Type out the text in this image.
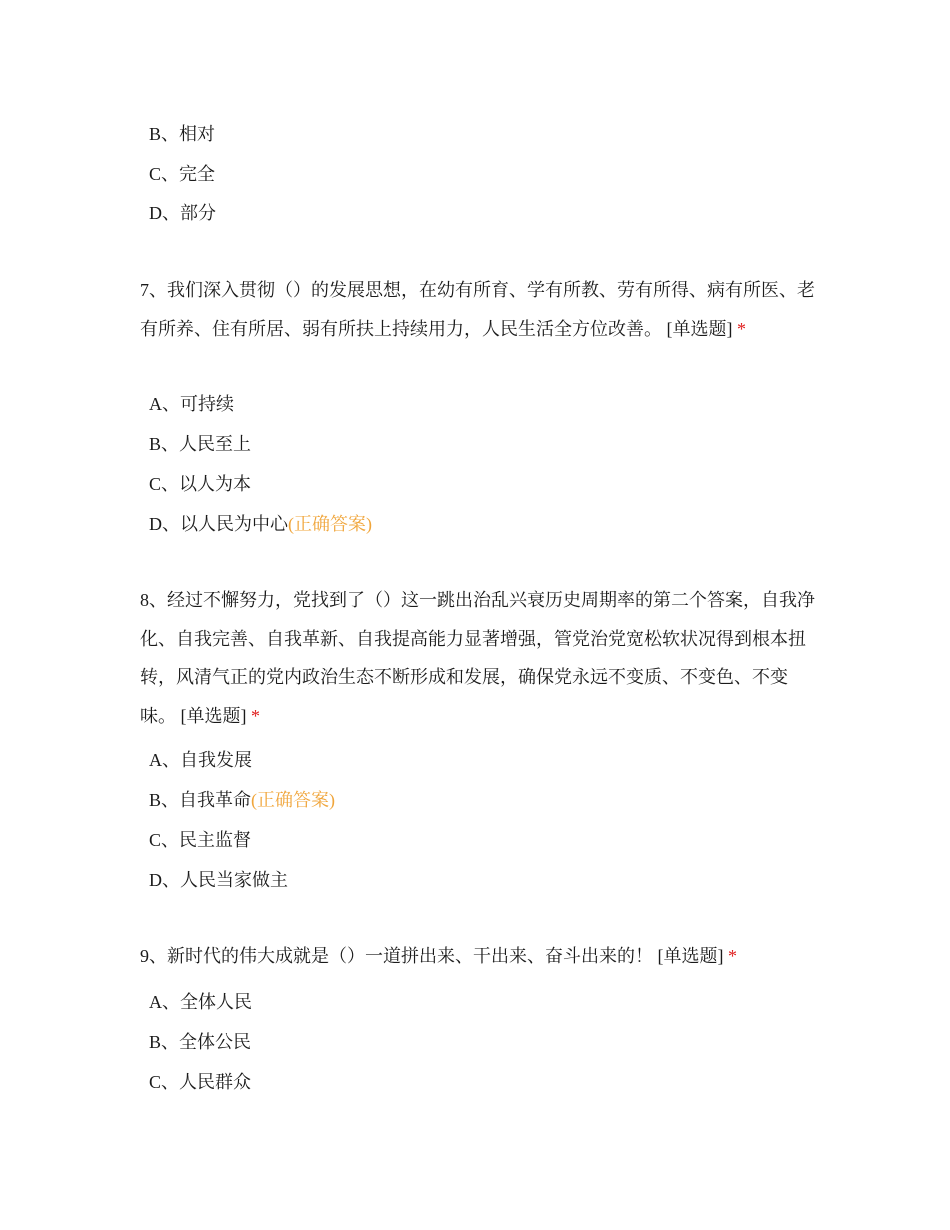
B、相对
C、完全
D、部分
7、我们深入贯彻（）的发展思想，在幼有所育、学有所教、劳有所得、病有所医、老有所养、住有所居、弱有所扶上持续用力，人民生活全方位改善。 [单选题] *
A、可持续
B、人民至上
C、以人为本
D、以人民为中心(正确答案)
8、经过不懈努力，党找到了（）这一跳出治乱兴衰历史周期率的第二个答案，自我净化、自我完善、自我革新、自我提高能力显著增强，管党治党宽松软状况得到根本扭转，风清气正的党内政治生态不断形成和发展，确保党永远不变质、不变色、不变味。 [单选题] *
A、自我发展
B、自我革命(正确答案)
C、民主监督
D、人民当家做主
9、新时代的伟大成就是（）一道拼出来、干出来、奋斗出来的！ [单选题] *
A、全体人民
B、全体公民
C、人民群众
